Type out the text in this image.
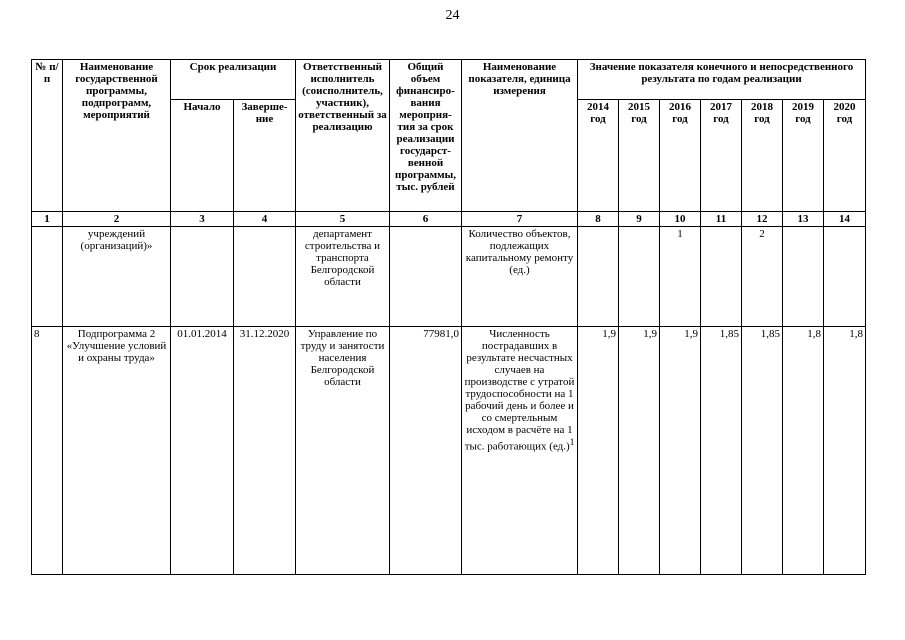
24
№ п/п	Наименование государственной программы, подпрограмм, мероприятий	Срок реализации		Ответственный исполнитель (соисполнитель, участник), ответственный за реализацию	Общий объем финансиро-вания меропрня-тия за срок реализации государст-венной программы, тыс. рублей	Наименование показателя, единица измерения	Значение показателя конечного и непосредственного результата по годам реализации						
		Начало	Заверше-ние				2014 год	2015 год	2016 год	2017 год	2018 год	2019 год	2020 год
1	2	3	4	5	6	7	8	9	10	11	12	13	14
	учреждений (организаций)»			департамент строительства и транспорта Белгородской области		Количество объектов, подлежащих капитальному ремонту (ед.)			1		2		
8	Подпрограмма 2 «Улучшение условий и охраны труда»	01.01.2014	31.12.2020	Управление по труду и занятости населения Белгородской области	77981,0	Численность пострадавших в результате несчастных случаев на производстве с утратой трудоспособности на 1 рабочий день и более и со смертельным исходом в расчёте на 1 тыс. работающих $(ед.)^1$	1,9	1,9	1,9	1,85	1,85	1,8	1,8
